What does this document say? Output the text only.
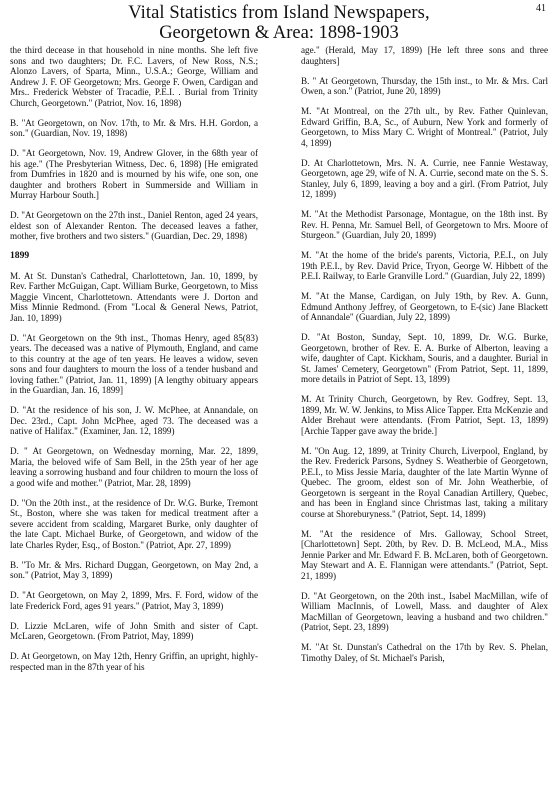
Vital Statistics from Island Newspapers,
Georgetown & Area: 1898-1903
41

the third decease in that household in nine months. She left five sons and two daughters; Dr. F.C. Lavers, of New Ross, N.S.; Alonzo Lavers, of Sparta, Minn., U.S.A.; George, William and Andrew J. F. OF Georgetown; Mrs. George F. Owen, Cardigan and Mrs.. Frederick Webster of Tracadie, P.E.I. . Burial from Trinity Church, Georgetown." (Patriot, Nov. 16, 1898)

B. "At Georgetown, on Nov. 17th, to Mr. & Mrs. H.H. Gordon, a son." (Guardian, Nov. 19, 1898)

D. "At Georgetown, Nov. 19, Andrew Glover, in the 68th year of his age." (The Presbyterian Witness, Dec. 6, 1898) [He emigrated from Dumfries in 1820 and is mourned by his wife, one son, one daughter and brothers Robert in Summerside and William in Murray Harbour South.]

D. "At Georgetown on the 27th inst., Daniel Renton, aged 24 years, eldest son of Alexander Renton. The deceased leaves a father, mother, five brothers and two sisters." (Guardian, Dec. 29, 1898)

1899

M. At St. Dunstan's Cathedral, Charlottetown, Jan. 10, 1899, by Rev. Farther McGuigan, Capt. William Burke, Georgetown, to Miss Maggie Vincent, Charlottetown. Attendants were J. Dorton and Miss Minnie Redmond. (From "Local & General News, Patriot, Jan. 10, 1899)

D. "At Georgetown on the 9th inst., Thomas Henry, aged 85(83) years. The deceased was a native of Plymouth, England, and came to this country at the age of ten years. He leaves a widow, seven sons and four daughters to mourn the loss of a tender husband and loving father." (Patriot, Jan. 11, 1899) [A lengthy obituary appears in the Guardian, Jan. 16, 1899]

D. "At the residence of his son, J. W. McPhee, at Annandale, on Dec. 23rd., Capt. John McPhee, aged 73. The deceased was a native of Halifax." (Examiner, Jan. 12, 1899)

D. " At Georgetown, on Wednesday morning, Mar. 22, 1899, Maria, the beloved wife of Sam Bell, in the 25th year of her age leaving a sorrowing husband and four children to mourn the loss of a good wife and mother." (Patriot, Mar. 28, 1899)

D. "On the 20th inst., at the residence of Dr. W.G. Burke, Tremont St., Boston, where she was taken for medical treatment after a severe accident from scalding, Margaret Burke, only daughter of the late Capt. Michael Burke, of Georgetown, and widow of the late Charles Ryder, Esq., of Boston." (Patriot, Apr. 27, 1899)

B. "To Mr. & Mrs. Richard Duggan, Georgetown, on May 2nd, a son." (Patriot, May 3, 1899)

D. "At Georgetown, on May 2, 1899, Mrs. F. Ford, widow of the late Frederick Ford, ages 91 years." (Patriot, May 3, 1899)

D. Lizzie McLaren, wife of John Smith and sister of Capt. McLaren, Georgetown. (From Patriot, May, 1899)

D. At Georgetown, on May 12th, Henry Griffin, an upright, highly-respected man in the 87th year of his

age." (Herald, May 17, 1899) [He left three sons and three daughters]

B. " At Georgetown, Thursday, the 15th inst., to Mr. & Mrs. Carl Owen, a son." (Patriot, June 20, 1899)

M. "At Montreal, on the 27th ult., by Rev. Father Quinlevan, Edward Griffin, B.A, Sc., of Auburn, New York and formerly of Georgetown, to Miss Mary C. Wright of Montreal." (Patriot, July 4, 1899)

D. At Charlottetown, Mrs. N. A. Currie, nee Fannie Westaway, Georgetown, age 29, wife of N. A. Currie, second mate on the S. S. Stanley, July 6, 1899, leaving a boy and a girl. (From Patriot, July 12, 1899)

M. "At the Methodist Parsonage, Montague, on the 18th inst. By Rev. H. Penna, Mr. Samuel Bell, of Georgetown to Mrs. Moore of Sturgeon." (Guardian, July 20, 1899)

M. "At the home of the bride's parents, Victoria, P.E.I., on July 19th P.E.I., by Rev. David Price, Tryon, George W. Hibbett of the P.E.I. Railway, to Earle Granville Lord." (Guardian, July 22, 1899)

M. "At the Manse, Cardigan, on July 19th, by Rev. A. Gunn, Edmund Anthony Jeffrey, of Georgetown, to E-(sic) Jane Blackett of Annandale" (Guardian, July 22, 1899)

D. "At Boston, Sunday, Sept. 10, 1899, Dr. W.G. Burke, Georgetown, brother of Rev. E. A. Burke of Alberton, leaving a wife, daughter of Capt. Kickham, Souris, and a daughter. Burial in St. James' Cemetery, Georgetown" (From Patriot, Sept. 11, 1899, more details in Patriot of Sept. 13, 1899)

M. At Trinity Church, Georgetown, by Rev. Godfrey, Sept. 13, 1899, Mr. W. W. Jenkins, to Miss Alice Tapper. Etta McKenzie and Alder Brehaut were attendants. (From Patriot, Sept. 13, 1899) [Archie Tapper gave away the bride.]

M. "On Aug. 12, 1899, at Trinity Church, Liverpool, England, by the Rev. Frederick Parsons, Sydney S. Weatherbie of Georgetown, P.E.I., to Miss Jessie Maria, daughter of the late Martin Wynne of Quebec. The groom, eldest son of Mr. John Weatherbie, of Georgetown is sergeant in the Royal Canadian Artillery, Quebec, and has been in England since Christmas last, taking a military course at Shoreburyness." (Patriot, Sept. 14, 1899)

M. "At the residence of Mrs. Galloway, School Street, [Charlottetown] Sept. 20th, by Rev. D. B. McLeod, M.A., Miss Jennie Parker and Mr. Edward F. B. McLaren, both of Georgetown. May Stewart and A. E. Flannigan were attendants." (Patriot, Sept. 21, 1899)

D. "At Georgetown, on the 20th inst., Isabel MacMillan, wife of William MacInnis, of Lowell, Mass. and daughter of Alex MacMillan of Georgetown, leaving a husband and two children." (Patriot, Sept. 23, 1899)

M. "At St. Dunstan's Cathedral on the 17th by Rev. S. Phelan, Timothy Daley, of St. Michael's Parish,
